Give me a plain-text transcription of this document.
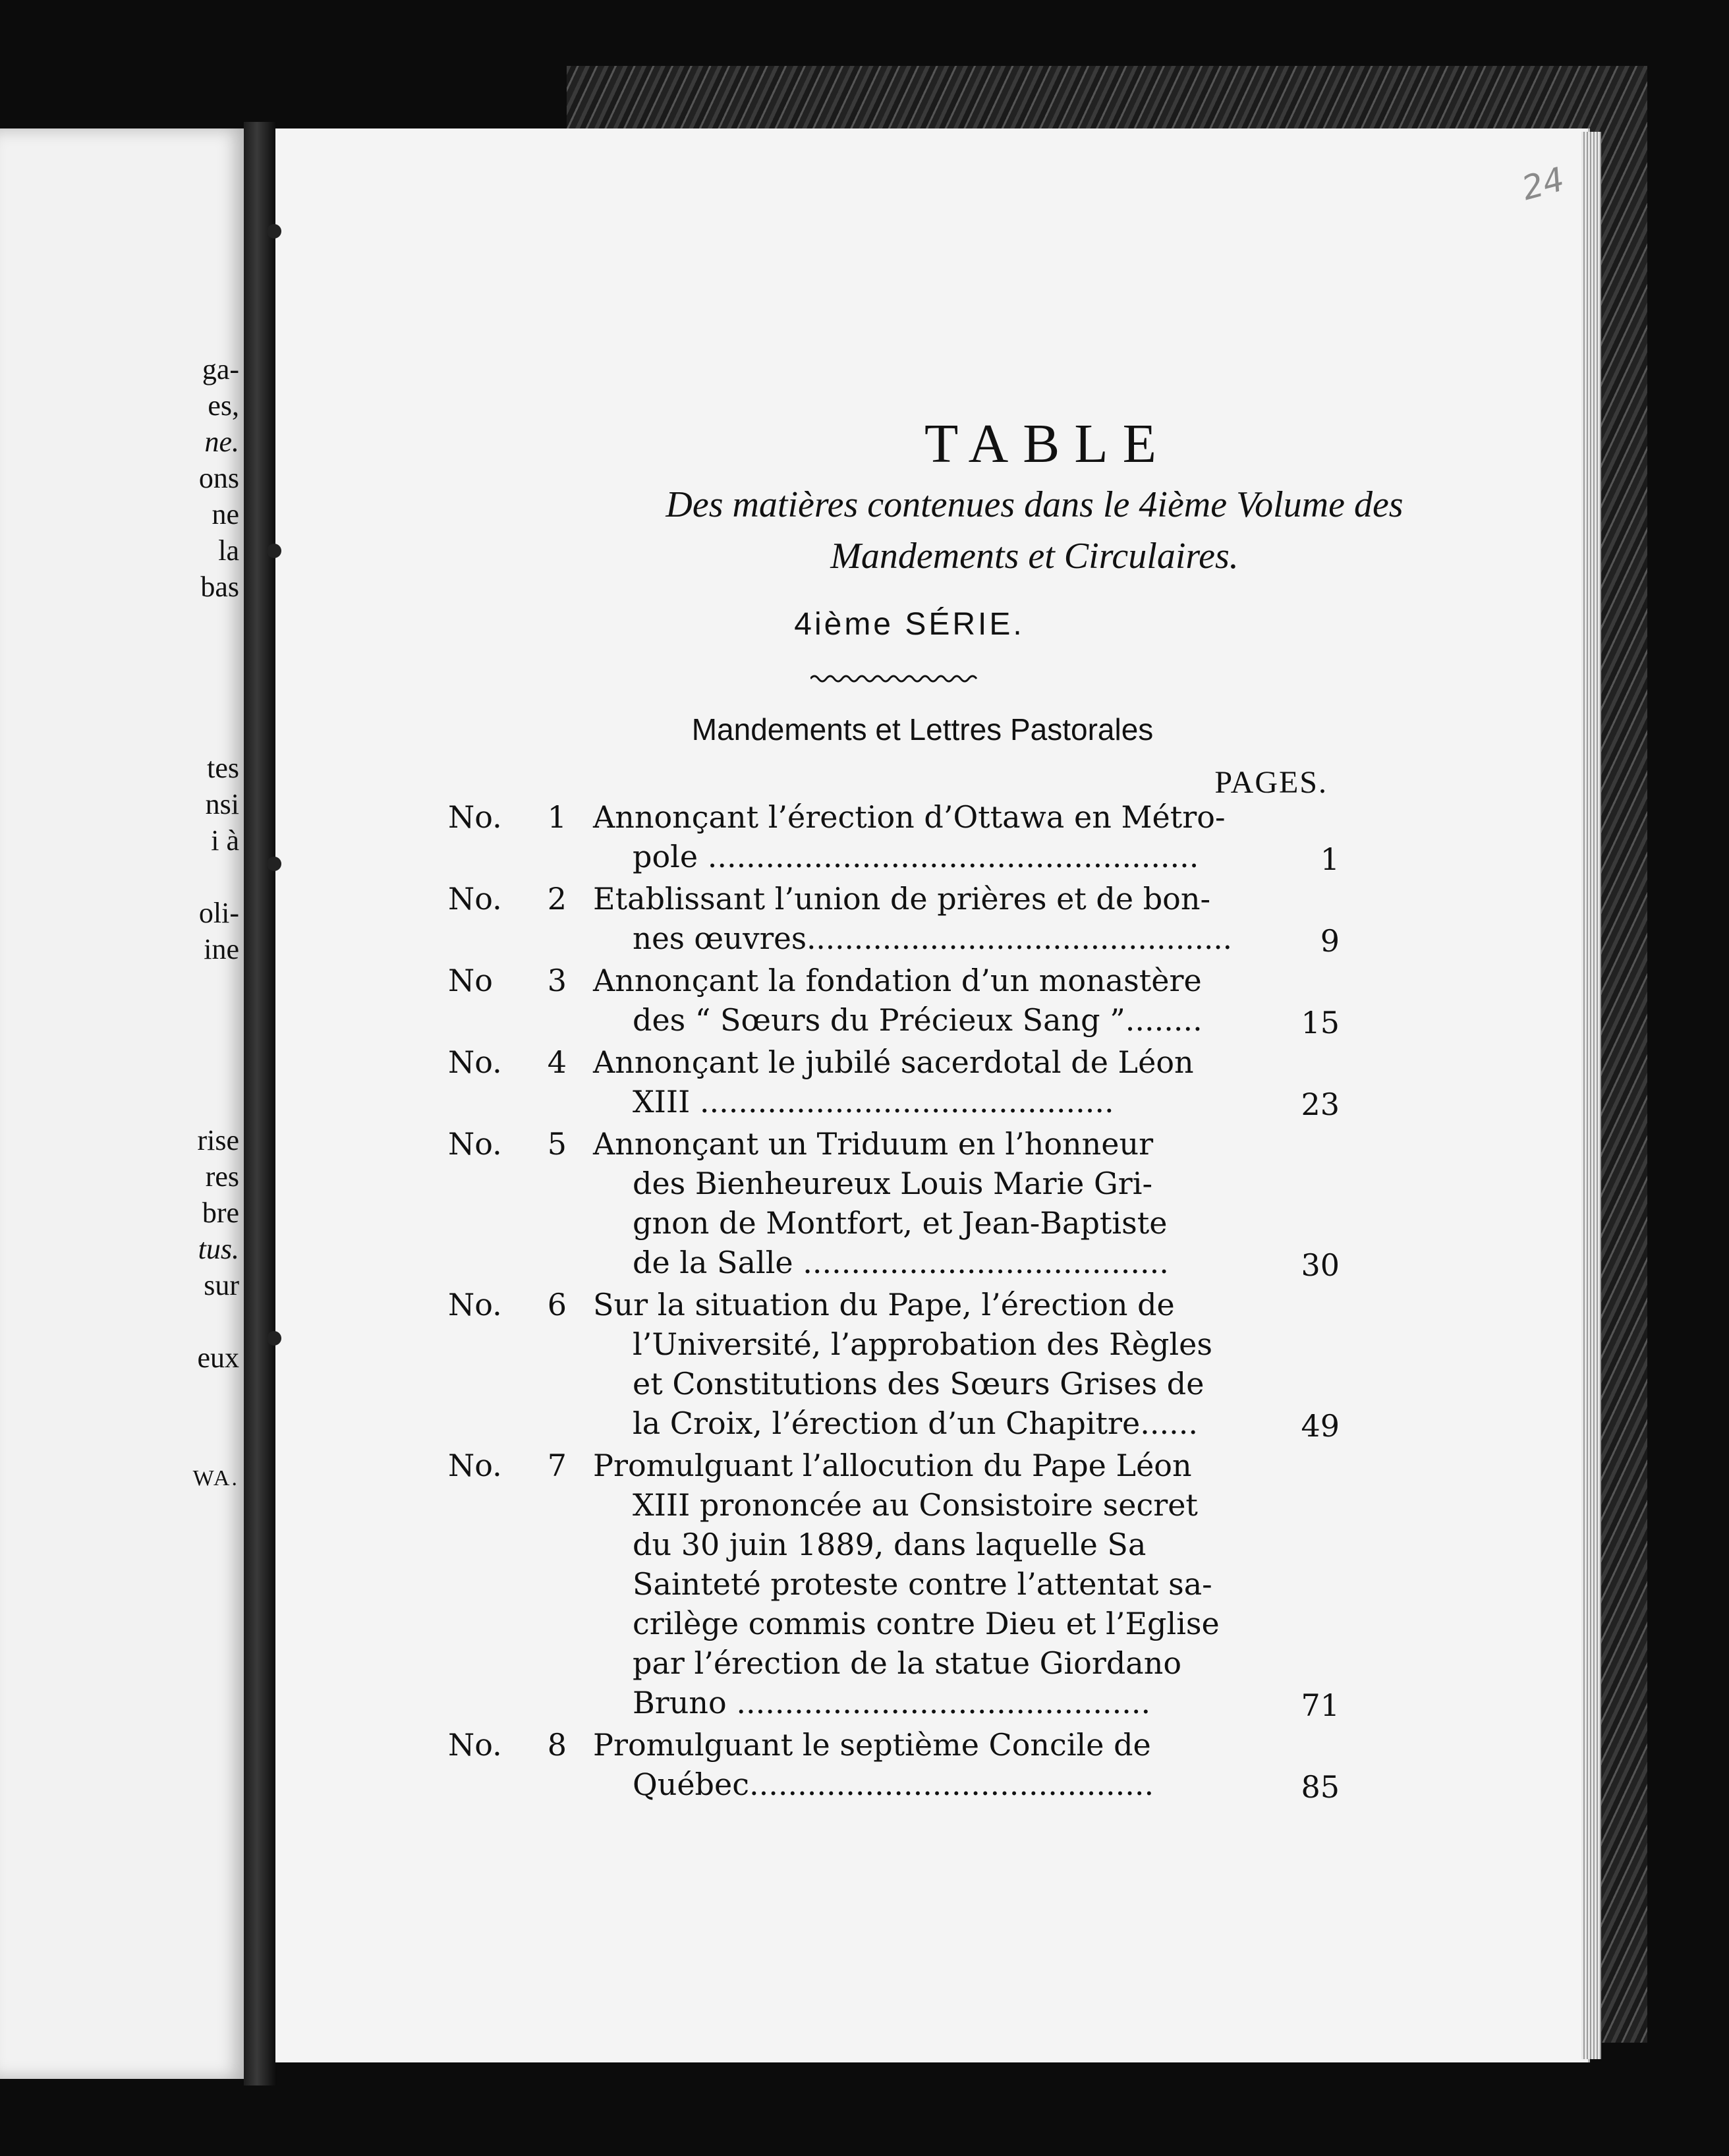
ga-
es,
ne.
ons
ne
la
bas
tes
nsi
i à
oli-
ine
rise
res
bre
tus.
sur
eux
WA.
24
TABLE
Des matières contenues dans le 4ième Volume des
Mandements et Circulaires.
4ième SÉRIE.
Mandements et Lettres Pastorales
PAGES.
No.	1 Annonçant l’érection d’Ottawa en Métro-
pole ...................................................	1
No.	2 Etablissant l’union de prières et de bon-
nes œuvres.............................................	9
No	3 Annonçant la fondation d’un monastère
des “ Sœurs du Précieux Sang ”........	15
No.	4 Annonçant le jubilé sacerdotal de Léon
XIII ...........................................	23
No.	5 Annonçant un Triduum en l’honneur
des Bienheureux Louis Marie Gri-
gnon de Montfort, et Jean-Baptiste
de la Salle ......................................	30
No.	6 Sur la situation du Pape, l’érection de
l’Université, l’approbation des Règles
et Constitutions des Sœurs Grises de
la Croix, l’érection d’un Chapitre......	49
No.	7 Promulguant l’allocution du Pape Léon
XIII prononcée au Consistoire secret
du 30 juin 1889, dans laquelle Sa
Sainteté proteste contre l’attentat sa-
crilège commis contre Dieu et l’Eglise
par l’érection de la statue Giordano
Bruno ...........................................	71
No.	8 Promulguant le septième Concile de
Québec..........................................	85
